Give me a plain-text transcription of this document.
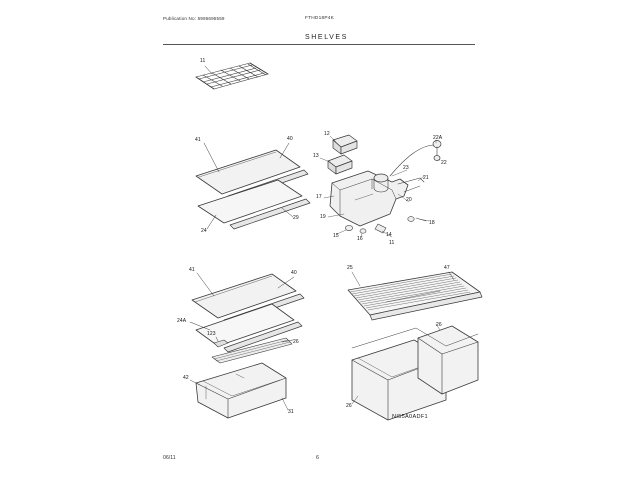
Publication No: 5995695559	FTHD18P4K
SHELVES
11
41	40
29
24
12
13
22A
23
21
22
17	20
19
15	16
14
11
18
41	40
24A
123
26
42
31
25	47
26
26
NI55A0ADF1
06/11	6
